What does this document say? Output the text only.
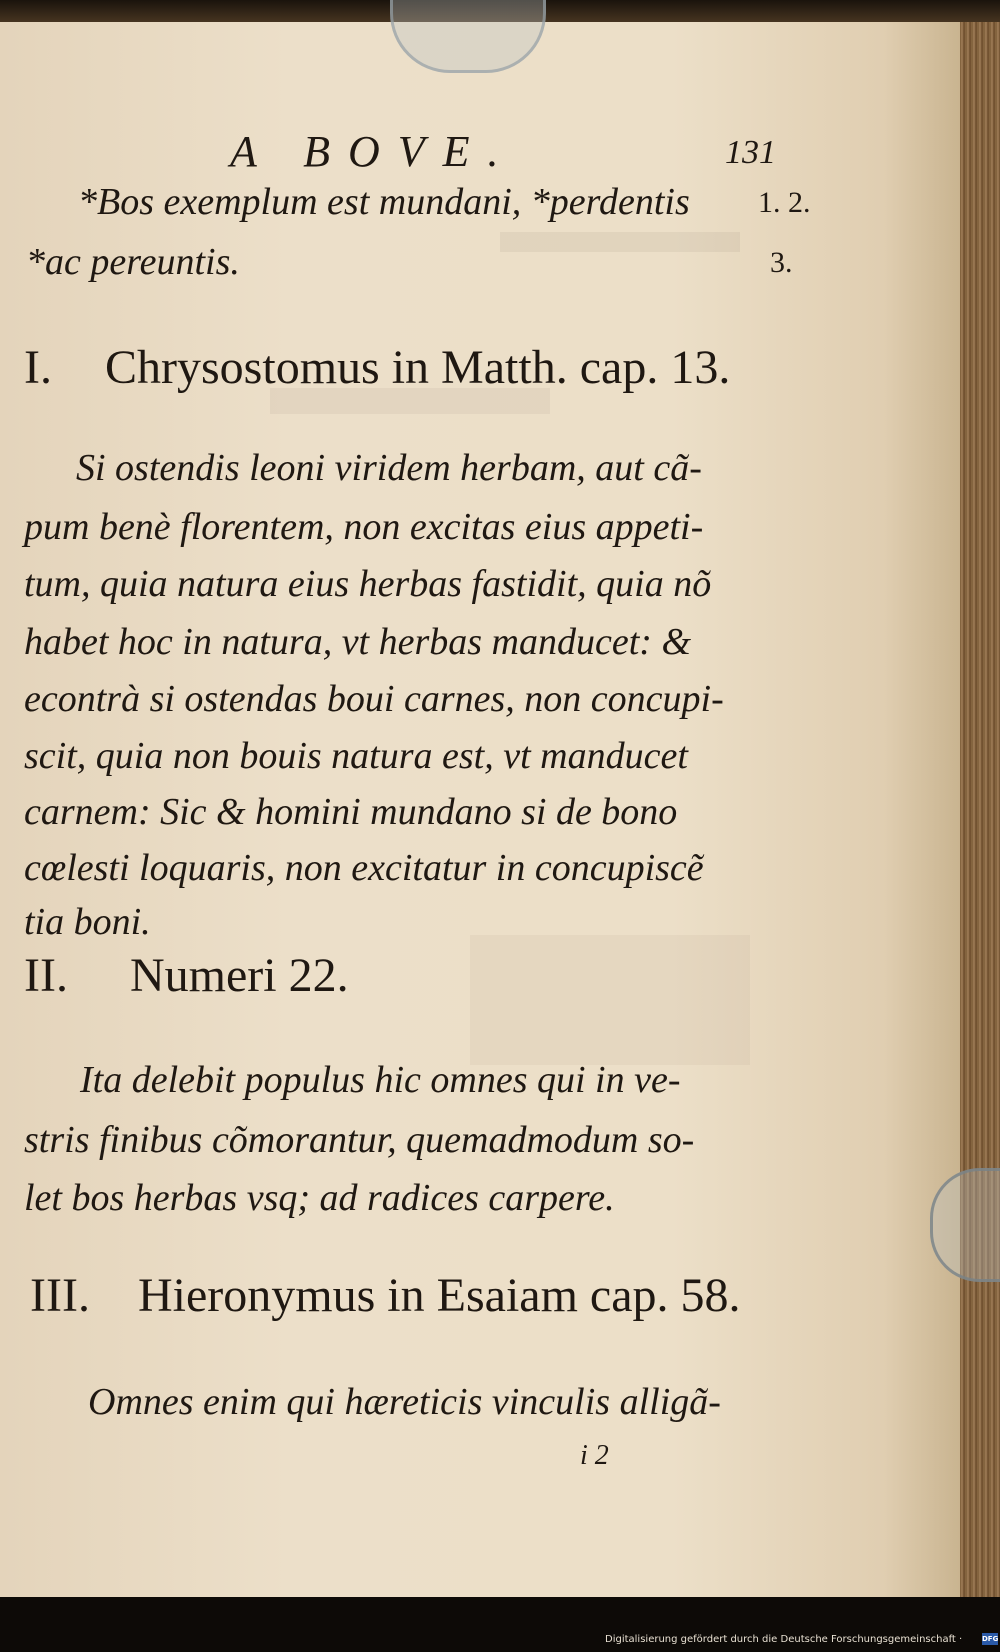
A BOVE.	131
*Bos exemplum est mundani, *perdentis 1. 2.
*ac pereuntis.	3.
I. Chrysostomus in Matth. cap. 13.
Si ostendis leoni viridem herbam, aut cã-
pum benè florentem, non excitas eius appeti-
tum, quia natura eius herbas fastidit, quia nõ
habet hoc in natura, vt herbas manducet: &
econtrà si ostendas boui carnes, non concupi-
scit, quia non bouis natura est, vt manducet
carnem: Sic & homini mundano si de bono
cœlesti loquaris, non excitatur in concupiscẽ
tia boni.
II. Numeri 22.
Ita delebit populus hic omnes qui in ve-
stris finibus cõmorantur, quemadmodum so-
let bos herbas vsq; ad radices carpere.
III. Hieronymus in Esaiam cap. 58.
Omnes enim qui hæreticis vinculis alligã-
i 2
Digitalisierung gefördert durch die Deutsche Forschungsgemeinschaft ·	DFG
